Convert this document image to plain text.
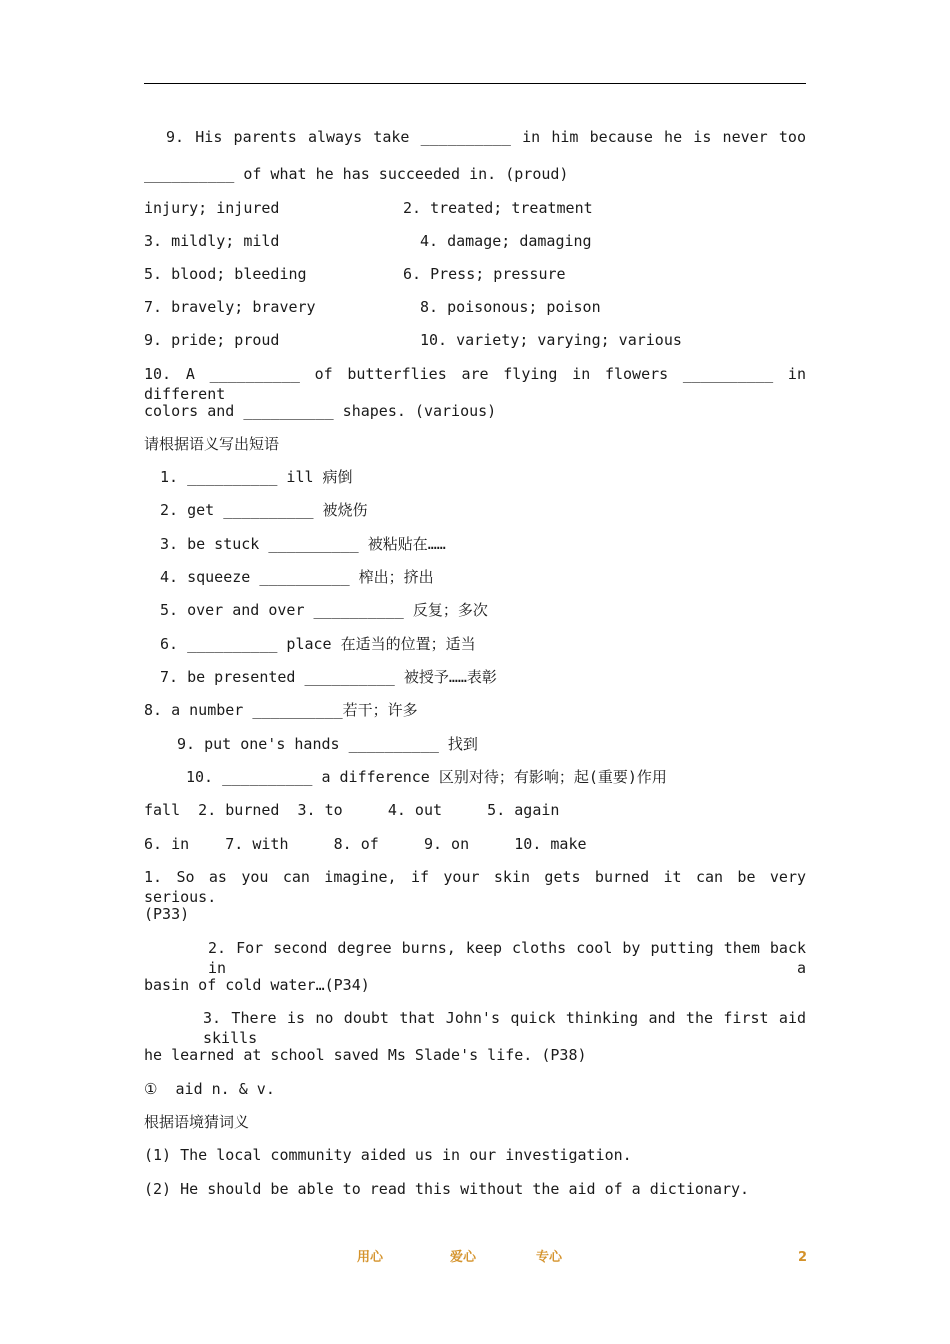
9. His parents always take __________ in him because he is never too
__________ of what he has succeeded in. (proud)
injury; injured	2. treated; treatment
3. mildly; mild	4. damage; damaging
5. blood; bleeding	6. Press; pressure
7. bravely; bravery	8. poisonous; poison
9. pride; proud	10. variety; varying; various
10. A __________ of butterflies are flying in flowers __________ in different
colors and __________ shapes. (various)
请根据语义写出短语
1. __________ ill 病倒
2. get __________ 被烧伤
3. be stuck __________ 被粘贴在……
4. squeeze __________ 榨出；挤出
5. over and over __________ 反复；多次
6. __________ place 在适当的位置；适当
7. be presented __________ 被授予……表彰
8. a number __________若干；许多
9. put one's hands __________ 找到
10. __________ a difference 区别对待；有影响；起(重要)作用
fall  2. burned  3. to     4. out     5. again
6. in    7. with     8. of     9. on     10. make
1. So as you can imagine, if your skin gets burned it can be very serious.
(P33)
2. For second degree burns, keep cloths cool by putting them back in a
basin of cold water…(P34)
3. There is no doubt that John's quick thinking and the first aid skills
he learned at school saved Ms Slade's life. (P38)
①  aid n. & v.
根据语境猜词义
(1) The local community aided us in our investigation.
(2) He should be able to read this without the aid of a dictionary.
用心	爱心	专心	2
